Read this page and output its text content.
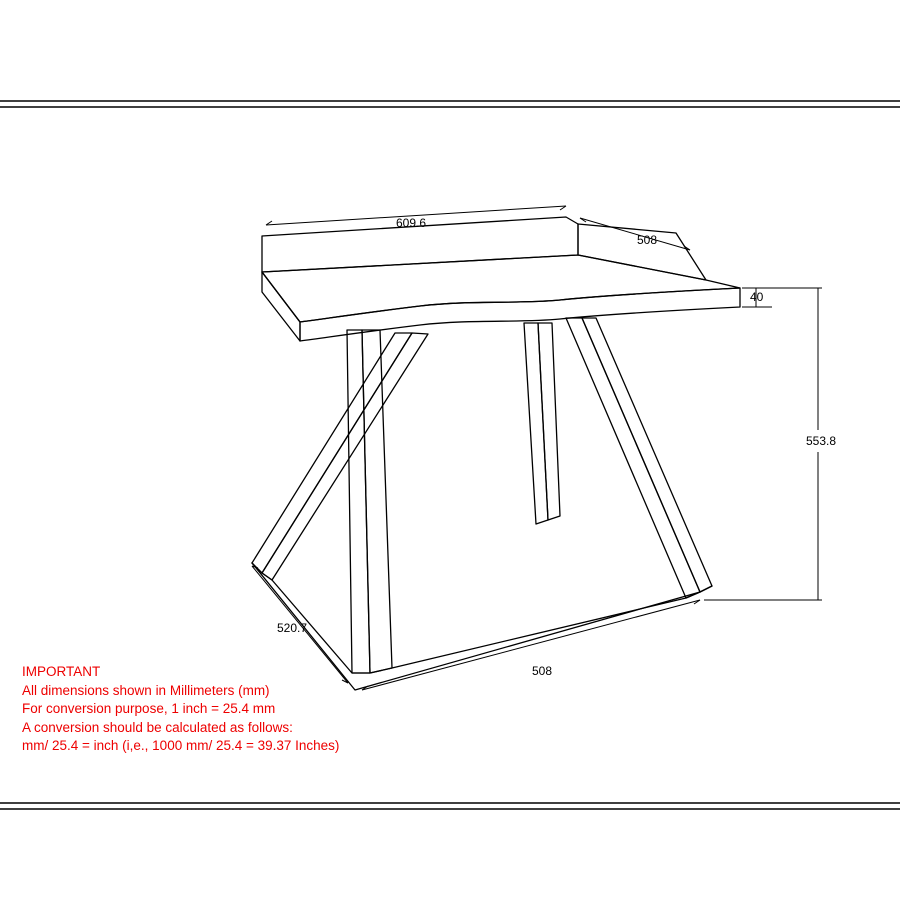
609.6
508
40
553.8
520.7
508
IMPORTANT
All dimensions shown in Millimeters (mm)
For conversion purpose, 1 inch = 25.4 mm
A conversion should be calculated as follows:
mm/ 25.4 = inch (i,e., 1000 mm/ 25.4 = 39.37 Inches)
